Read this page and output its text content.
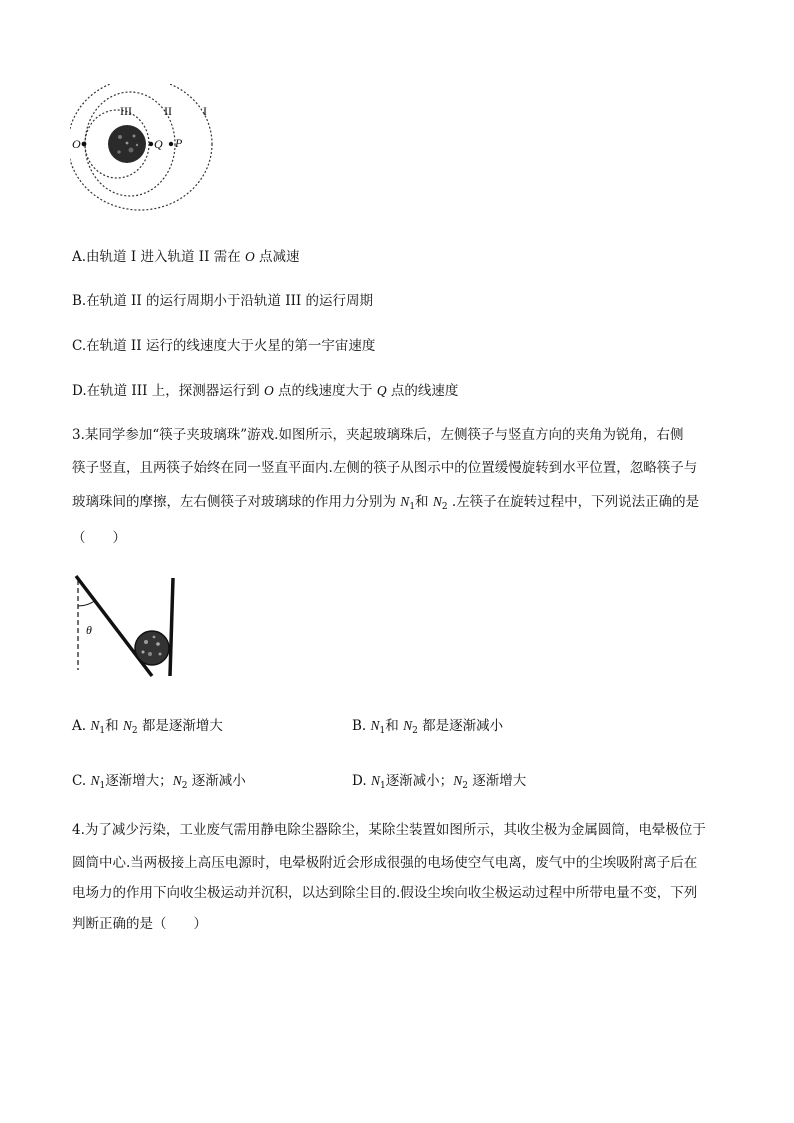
III	II	I
O	Q P
A.由轨道 I 进入轨道 II 需在 O 点减速
B.在轨道 II 的运行周期小于沿轨道 III 的运行周期
C.在轨道 II 运行的线速度大于火星的第一宇宙速度
D.在轨道 III 上，探测器运行到 O 点的线速度大于 Q 点的线速度
3.某同学参加“筷子夹玻璃珠”游戏.如图所示，夹起玻璃珠后，左侧筷子与竖直方向的夹角为锐角，右侧
筷子竖直，且两筷子始终在同一竖直平面内.左侧的筷子从图示中的位置缓慢旋转到水平位置，忽略筷子与
玻璃珠间的摩擦，左右侧筷子对玻璃球的作用力分别为 $N_1$和 $N_2$ .左筷子在旋转过程中，下列说法正确的是
（　　）
θ
A. $N_1$和 $N_2$ 都是逐渐增大	B. $N_1$和 $N_2$ 都是逐渐减小
C. $N_1$逐渐增大；$N_2$ 逐渐减小	D. $N_1$逐渐减小；$N_2$ 逐渐增大
4.为了减少污染，工业废气需用静电除尘器除尘，某除尘装置如图所示，其收尘极为金属圆筒，电晕极位于
圆筒中心.当两极接上高压电源时，电晕极附近会形成很强的电场使空气电离，废气中的尘埃吸附离子后在
电场力的作用下向收尘极运动并沉积，以达到除尘目的.假设尘埃向收尘极运动过程中所带电量不变，下列
判断正确的是（　　）
